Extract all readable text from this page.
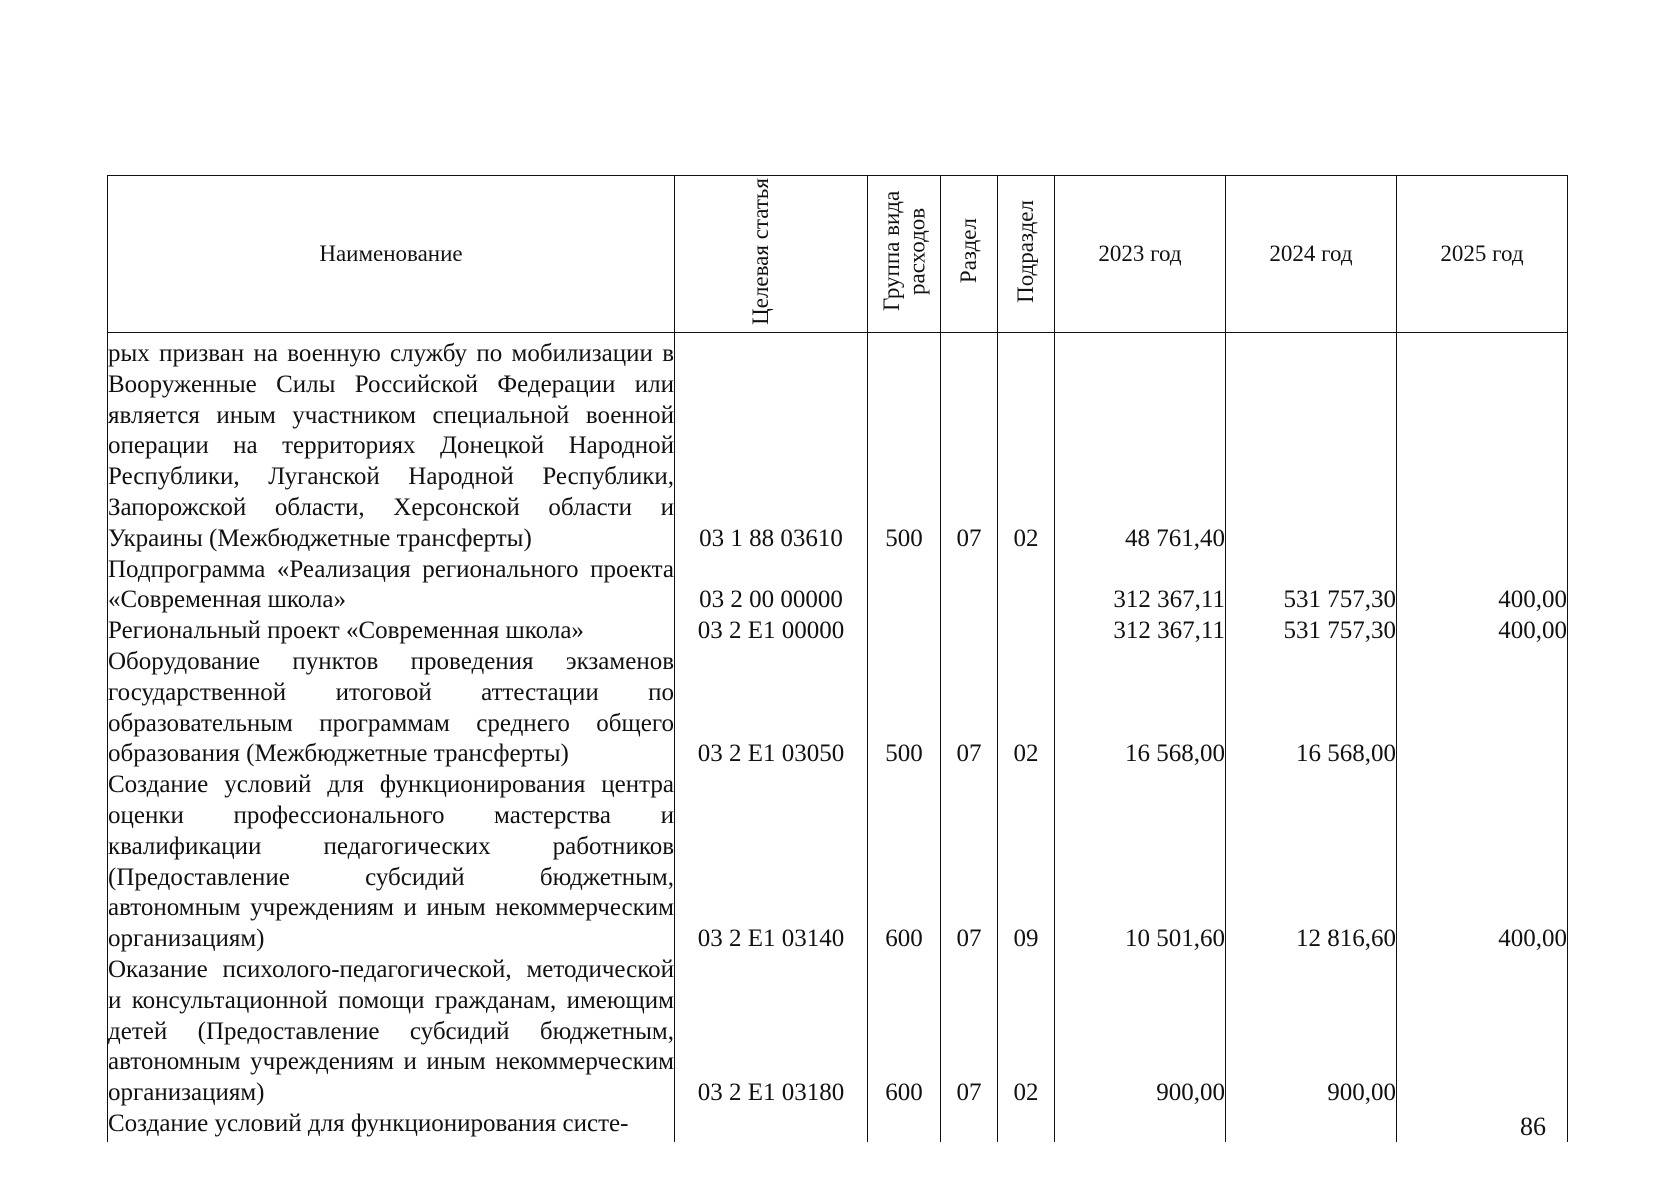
Наименование	Целевая статья	Группа вида расходов	Раздел	Подраздел	2023 год	2024 год	2025 год
рых призван на военную службу по мобилизации в Вооруженные Силы Российской Федерации или является иным участником специальной военной операции на территориях Донецкой Народной Республики, Луганской Народной Республики, Запорожской области, Херсонской области и Украины (Межбюджетные трансферты)	03 1 88 03610	500	07	02	48 761,40		
Подпрограмма «Реализация регионального проекта «Современная школа»	03 2 00 00000				312 367,11	531 757,30	400,00
Региональный проект «Современная школа»	03 2 E1 00000				312 367,11	531 757,30	400,00
Оборудование пунктов проведения экзаменов государственной итоговой аттестации по образовательным программам среднего общего образования (Межбюджетные трансферты)	03 2 E1 03050	500	07	02	16 568,00	16 568,00	
Создание условий для функционирования центра оценки профессионального мастерства и квалификации педагогических работников (Предоставление субсидий бюджетным, автономным учреждениям и иным некоммерческим организациям)	03 2 E1 03140	600	07	09	10 501,60	12 816,60	400,00
Оказание психолого-педагогической, методической и консультационной помощи гражданам, имеющим детей (Предоставление субсидий бюджетным, автономным учреждениям и иным некоммерческим организациям)	03 2 E1 03180	600	07	02	900,00	900,00	
Создание условий для функционирования систе-								86
